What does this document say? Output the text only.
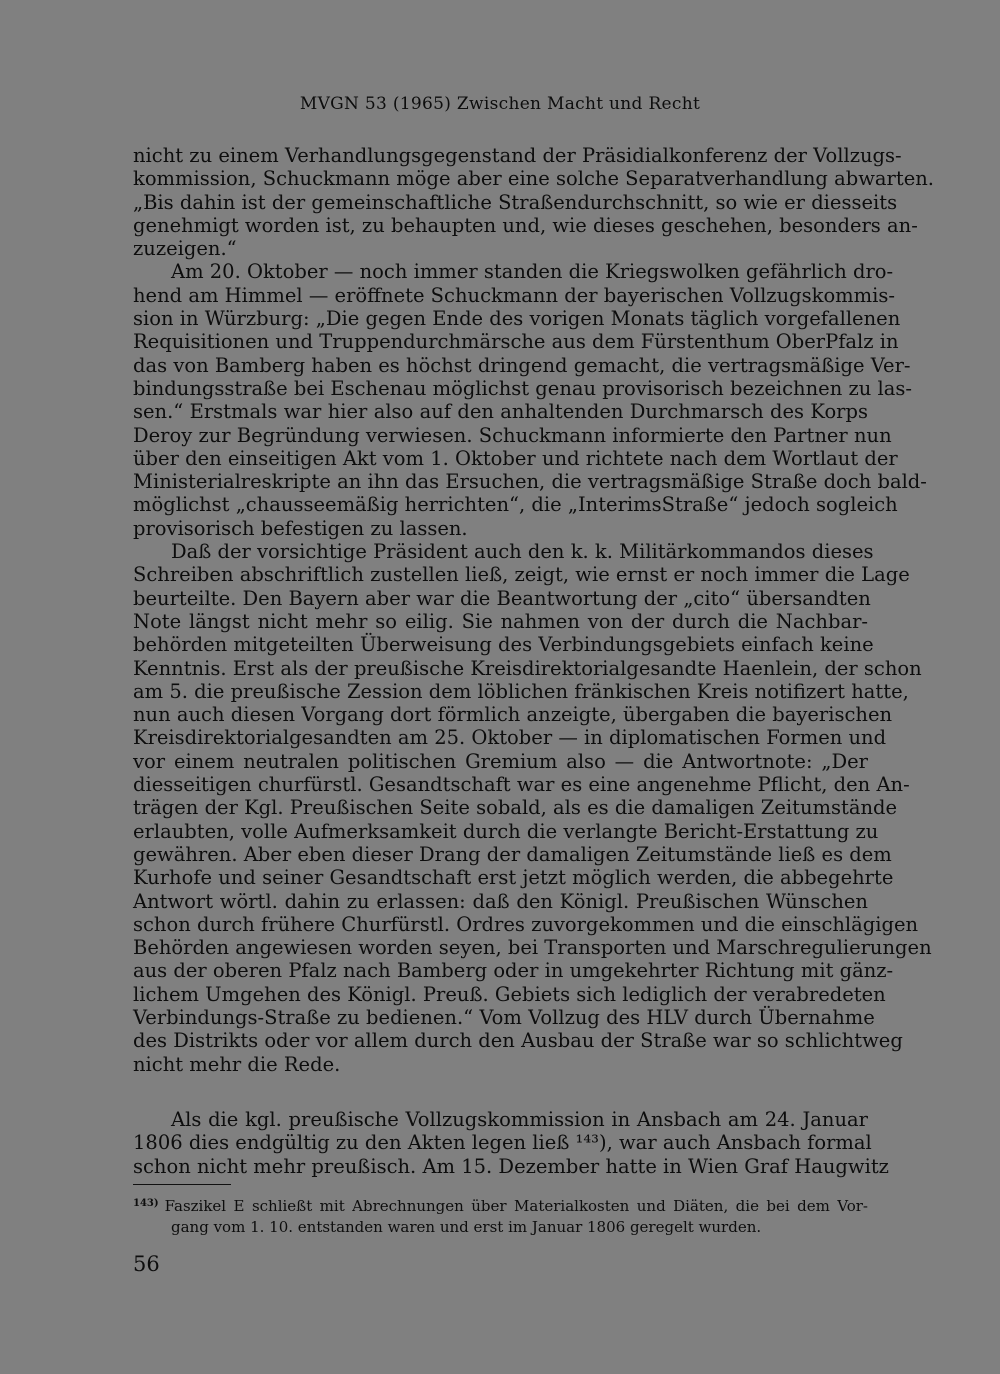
MVGN 53 (1965) Zwischen Macht und Recht
nicht zu einem Verhandlungsgegenstand der Präsidialkonferenz der Vollzugs-
kommission, Schuckmann möge aber eine solche Separatverhandlung abwarten.
„Bis dahin ist der gemeinschaftliche Straßendurchschnitt, so wie er diesseits
genehmigt worden ist, zu behaupten und, wie dieses geschehen, besonders an-
zuzeigen.“
Am 20. Oktober — noch immer standen die Kriegswolken gefährlich dro-
hend am Himmel — eröffnete Schuckmann der bayerischen Vollzugskommis-
sion in Würzburg: „Die gegen Ende des vorigen Monats täglich vorgefallenen
Requisitionen und Truppendurchmärsche aus dem Fürstenthum OberPfalz in
das von Bamberg haben es höchst dringend gemacht, die vertragsmäßige Ver-
bindungsstraße bei Eschenau möglichst genau provisorisch bezeichnen zu las-
sen.“ Erstmals war hier also auf den anhaltenden Durchmarsch des Korps
Deroy zur Begründung verwiesen. Schuckmann informierte den Partner nun
über den einseitigen Akt vom 1. Oktober und richtete nach dem Wortlaut der
Ministerialreskripte an ihn das Ersuchen, die vertragsmäßige Straße doch bald-
möglichst „chausseemäßig herrichten“, die „InterimsStraße“ jedoch sogleich
provisorisch befestigen zu lassen.
Daß der vorsichtige Präsident auch den k. k. Militärkommandos dieses
Schreiben abschriftlich zustellen ließ, zeigt, wie ernst er noch immer die Lage
beurteilte. Den Bayern aber war die Beantwortung der „cito“ übersandten
Note längst nicht mehr so eilig. Sie nahmen von der durch die Nachbar-
behörden mitgeteilten Überweisung des Verbindungsgebiets einfach keine
Kenntnis. Erst als der preußische Kreisdirektorialgesandte Haenlein, der schon
am 5. die preußische Zession dem löblichen fränkischen Kreis notifizert hatte,
nun auch diesen Vorgang dort förmlich anzeigte, übergaben die bayerischen
Kreisdirektorialgesandten am 25. Oktober — in diplomatischen Formen und
vor einem neutralen politischen Gremium also — die Antwortnote: „Der
diesseitigen churfürstl. Gesandtschaft war es eine angenehme Pflicht, den An-
trägen der Kgl. Preußischen Seite sobald, als es die damaligen Zeitumstände
erlaubten, volle Aufmerksamkeit durch die verlangte Bericht-Erstattung zu
gewähren. Aber eben dieser Drang der damaligen Zeitumstände ließ es dem
Kurhofe und seiner Gesandtschaft erst jetzt möglich werden, die abbegehrte
Antwort wörtl. dahin zu erlassen: daß den Königl. Preußischen Wünschen
schon durch frühere Churfürstl. Ordres zuvorgekommen und die einschlägigen
Behörden angewiesen worden seyen, bei Transporten und Marschregulierungen
aus der oberen Pfalz nach Bamberg oder in umgekehrter Richtung mit gänz-
lichem Umgehen des Königl. Preuß. Gebiets sich lediglich der verabredeten
Verbindungs-Straße zu bedienen.“ Vom Vollzug des HLV durch Übernahme
des Distrikts oder vor allem durch den Ausbau der Straße war so schlichtweg
nicht mehr die Rede.
Als die kgl. preußische Vollzugskommission in Ansbach am 24. Januar
1806 dies endgültig zu den Akten legen ließ ¹⁴³), war auch Ansbach formal
schon nicht mehr preußisch. Am 15. Dezember hatte in Wien Graf Haugwitz
$^{143)}$ Faszikel E schließt mit Abrechnungen über Materialkosten und Diäten, die bei dem Vor-
gang vom 1. 10. entstanden waren und erst im Januar 1806 geregelt wurden.
56
